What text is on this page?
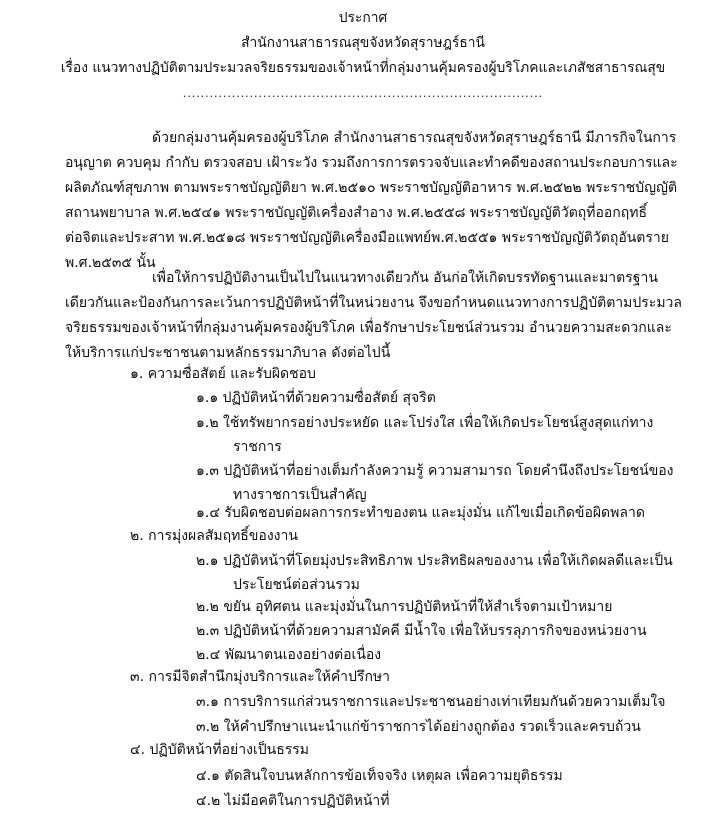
ประกาศ
สำนักงานสาธารณสุขจังหวัดสุราษฎร์ธานี
เรื่อง แนวทางปฏิบัติตามประมวลจริยธรรมของเจ้าหน้าที่กลุ่มงานคุ้มครองผู้บริโภคและเภสัชสาธารณสุข
.................................................................................
ด้วยกลุ่มงานคุ้มครองผู้บริโภค สำนักงานสาธารณสุขจังหวัดสุราษฎร์ธานี มีภารกิจในการ
อนุญาต ควบคุม กำกับ ตรวจสอบ เฝ้าระวัง รวมถึงการการตรวจจับและทำคดีของสถานประกอบการและ
ผลิตภัณฑ์สุขภาพ ตามพระราชบัญญัติยา พ.ศ.๒๕๑๐ พระราชบัญญัติอาหาร พ.ศ.๒๕๒๒ พระราชบัญญัติ
สถานพยาบาล พ.ศ.๒๕๔๑ พระราชบัญญัติเครื่องสำอาง พ.ศ.๒๕๕๘ พระราชบัญญัติวัตถุที่ออกฤทธิ์
ต่อจิตและประสาท พ.ศ.๒๕๑๘ พระราชบัญญัติเครื่องมือแพทย์พ.ศ.๒๕๕๑ พระราชบัญญัติวัตถุอันตราย
พ.ศ.๒๕๓๕ นั้น
เพื่อให้การปฏิบัติงานเป็นไปในแนวทางเดียวกัน อันก่อให้เกิดบรรทัดฐานและมาตรฐาน
เดียวกันและป้องกันการละเว้นการปฏิบัติหน้าที่ในหน่วยงาน จึงขอกำหนดแนวทางการปฏิบัติตามประมวล
จริยธรรมของเจ้าหน้าที่กลุ่มงานคุ้มครองผู้บริโภค เพื่อรักษาประโยชน์ส่วนรวม อำนวยความสะดวกและ
ให้บริการแก่ประชาชนตามหลักธรรมาภิบาล ดังต่อไปนี้
๑. ความซื่อสัตย์ และรับผิดชอบ
๑.๑ ปฏิบัติหน้าที่ด้วยความซื่อสัตย์ สุจริต
๑.๒ ใช้ทรัพยากรอย่างประหยัด และโปร่งใส เพื่อให้เกิดประโยชน์สูงสุดแก่ทาง
ราชการ
๑.๓ ปฏิบัติหน้าที่อย่างเต็มกำลังความรู้ ความสามารถ โดยคำนึงถึงประโยชน์ของ
ทางราชการเป็นสำคัญ
๑.๔ รับผิดชอบต่อผลการกระทำของตน และมุ่งมั่น แก้ไขเมื่อเกิดข้อผิดพลาด
๒. การมุ่งผลสัมฤทธิ์ของงาน
๒.๑ ปฏิบัติหน้าที่โดยมุ่งประสิทธิภาพ ประสิทธิผลของงาน เพื่อให้เกิดผลดีและเป็น
ประโยชน์ต่อส่วนรวม
๒.๒ ขยัน อุทิศตน และมุ่งมั่นในการปฏิบัติหน้าที่ให้สำเร็จตามเป้าหมาย
๒.๓ ปฏิบัติหน้าที่ด้วยความสามัคคี มีน้ำใจ เพื่อให้บรรลุภารกิจของหน่วยงาน
๒.๔ พัฒนาตนเองอย่างต่อเนื่อง
๓. การมีจิตสำนึกมุ่งบริการและให้คำปรึกษา
๓.๑ การบริการแก่ส่วนราชการและประชาชนอย่างเท่าเทียมกันด้วยความเต็มใจ
๓.๒ ให้คำปรึกษาแนะนำแก่ข้าราชการได้อย่างถูกต้อง รวดเร็วและครบถ้วน
๔. ปฏิบัติหน้าที่อย่างเป็นธรรม
๔.๑ ตัดสินใจบนหลักการข้อเท็จจริง เหตุผล เพื่อความยุติธรรม
๔.๒ ไม่มีอคติในการปฏิบัติหน้าที่
